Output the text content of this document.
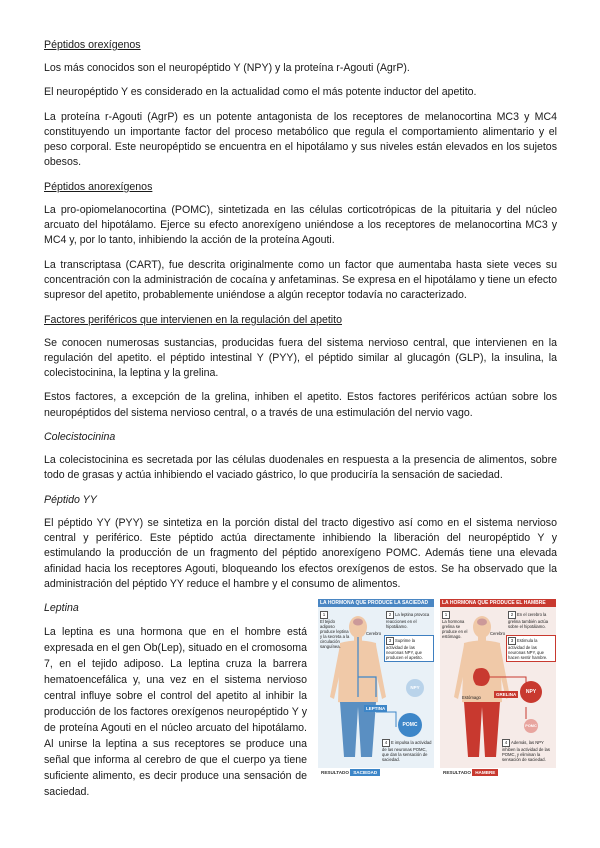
Péptidos orexígenos

Los más conocidos son el neuropéptido Y (NPY) y la proteína r-Agouti (AgrP).

El neuropéptido Y es considerado en la actualidad como el más potente inductor del apetito.

La proteína r-Agouti (AgrP) es un potente antagonista de los receptores de melanocortina MC3 y MC4 constituyendo un importante factor del proceso metabólico que regula el comportamiento alimentario y el peso corporal. Este neuropéptido se encuentra en el hipotálamo y sus niveles están elevados en los sujetos obesos.

Péptidos anorexígenos

La pro-opiomelanocortina (POMC), sintetizada en las células corticotrópicas de la pituitaria y del núcleo arcuato del hipotálamo. Ejerce su efecto anorexígeno uniéndose a los receptores de melanocortina MC3 y MC4 y, por lo tanto, inhibiendo la acción de la proteína Agouti.

La transcriptasa (CART), fue descrita originalmente como un factor que aumentaba hasta siete veces su concentración con la administración de cocaína y anfetaminas. Se expresa en el hipotálamo y tiene un efecto supresor del apetito, probablemente uniéndose a algún receptor todavía no caracterizado.

Factores periféricos que intervienen en la regulación del apetito

Se conocen numerosas sustancias, producidas fuera del sistema nervioso central, que intervienen en la regulación del apetito. el péptido intestinal Y (PYY), el péptido similar al glucagón (GLP), la insulina, la colecistocinina, la leptina y la grelina.

Estos factores, a excepción de la grelina, inhiben el apetito. Estos factores periféricos actúan sobre los neuropéptidos del sistema nervioso central, o a través de una estimulación del nervio vago.

Colecistocinina

La colecistocinina es secretada por las células duodenales en respuesta a la presencia de alimentos, sobre todo de grasas y actúa inhibiendo el vaciado gástrico, lo que produciría la sensación de saciedad.

Péptido YY

El péptido YY (PYY) se sintetiza en la porción distal del tracto digestivo así como en el sistema nervioso central y periférico. Este péptido actúa directamente inhibiendo la liberación del neuropéptido Y y estimulando la producción de un fragmento del péptido anorexígeno POMC. Además tiene una elevada afinidad hacia los receptores Agouti, bloqueando los efectos orexígenos de estos. Se ha observado que la administración del péptido YY reduce el hambre y el consumo de alimentos.

Leptina

La leptina es una hormona que en el hombre está expresada en el gen Ob(Lep), situado en el cromosoma 7, en el tejido adiposo. La leptina cruza la barrera hematoencefálica y, una vez en el sistema nervioso central influye sobre el control del apetito al inhibir la producción de los factores orexígenos neuropéptido Y y de proteína Agouti en el núcleo arcuato del hipotálamo. Al unirse la leptina a sus receptores se produce una señal que informa al cerebro de que el cuerpo ya tiene suficiente alimento, es decir produce una sensación de saciedad.

LA HORMONA QUE PRODUCE LA SACIEDAD
1
El tejido adiposo produce leptina y la secreta a la circulación sanguínea.
2 La leptina provoca reacciones en el hipotálamo.
Cerebro
3 Suprime la actividad de las neuronas NPY, que producen el apetito.
LEPTINA
NPY
POMC
4 E impulsa la actividad de las neuronas POMC, que dan la sensación de saciedad.
RESULTADO SACIEDAD
LA HORMONA QUE PRODUCE EL HAMBRE
1
La hormona grelina se produce en el estómago.
2 En el cerebro la grelina también actúa sobre el hipotálamo.
Cerebro
3 Estimula la actividad de las neuronas NPY, que hacen sentir hambre.
Estómago
GRELINA	NPY
POMC
4 Además, las NPY inhiben la actividad de las POMC, y eliminan la sensación de saciedad.
RESULTADO HAMBRE
